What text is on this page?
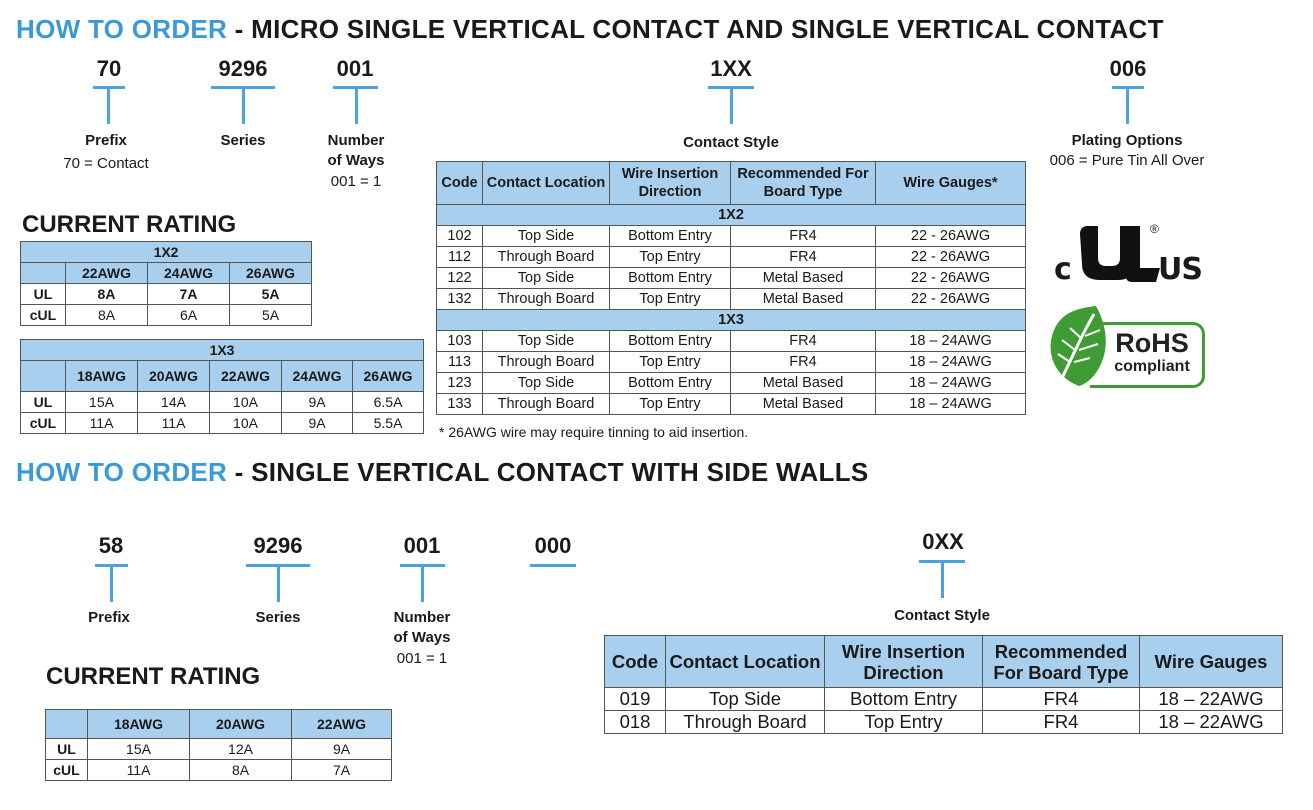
HOW TO ORDER - MICRO SINGLE VERTICAL CONTACT AND SINGLE VERTICAL CONTACT
70
Prefix
70 = Contact
9296
Series
001
Number
of Ways
001 = 1
1XX
Contact Style
006
Plating Options
006 = Pure Tin All Over
CURRENT RATING
1X2			
	22AWG	24AWG	26AWG
UL	8A	7A	5A
cUL	8A	6A	5A
1X3					
	18AWG	20AWG	22AWG	24AWG	26AWG
UL	15A	14A	10A	9A	6.5A
cUL	11A	11A	10A	9A	5.5A
Code	Contact Location	Wire Insertion Direction	Recommended For Board Type	Wire Gauges*
1X2				
102	Top Side	Bottom Entry	FR4	22 - 26AWG
112	Through Board	Top Entry	FR4	22 - 26AWG
122	Top Side	Bottom Entry	Metal Based	22 - 26AWG
132	Through Board	Top Entry	Metal Based	22 - 26AWG
1X3				
103	Top Side	Bottom Entry	FR4	18 – 24AWG
113	Through Board	Top Entry	FR4	18 – 24AWG
123	Top Side	Bottom Entry	Metal Based	18 – 24AWG
133	Through Board	Top Entry	Metal Based	18 – 24AWG
* 26AWG wire may require tinning to aid insertion.
c	US
®
RoHS
compliant
HOW TO ORDER - SINGLE VERTICAL CONTACT WITH SIDE WALLS
58
Prefix
9296
Series
001
Number
of Ways
001 = 1
000	0XX
Contact Style
CURRENT RATING
	18AWG	20AWG	22AWG
UL	15A	12A	9A
cUL	11A	8A	7A
Code	Contact Location	Wire Insertion Direction	Recommended For Board Type	Wire Gauges
019	Top Side	Bottom Entry	FR4	18 – 22AWG
018	Through Board	Top Entry	FR4	18 – 22AWG
